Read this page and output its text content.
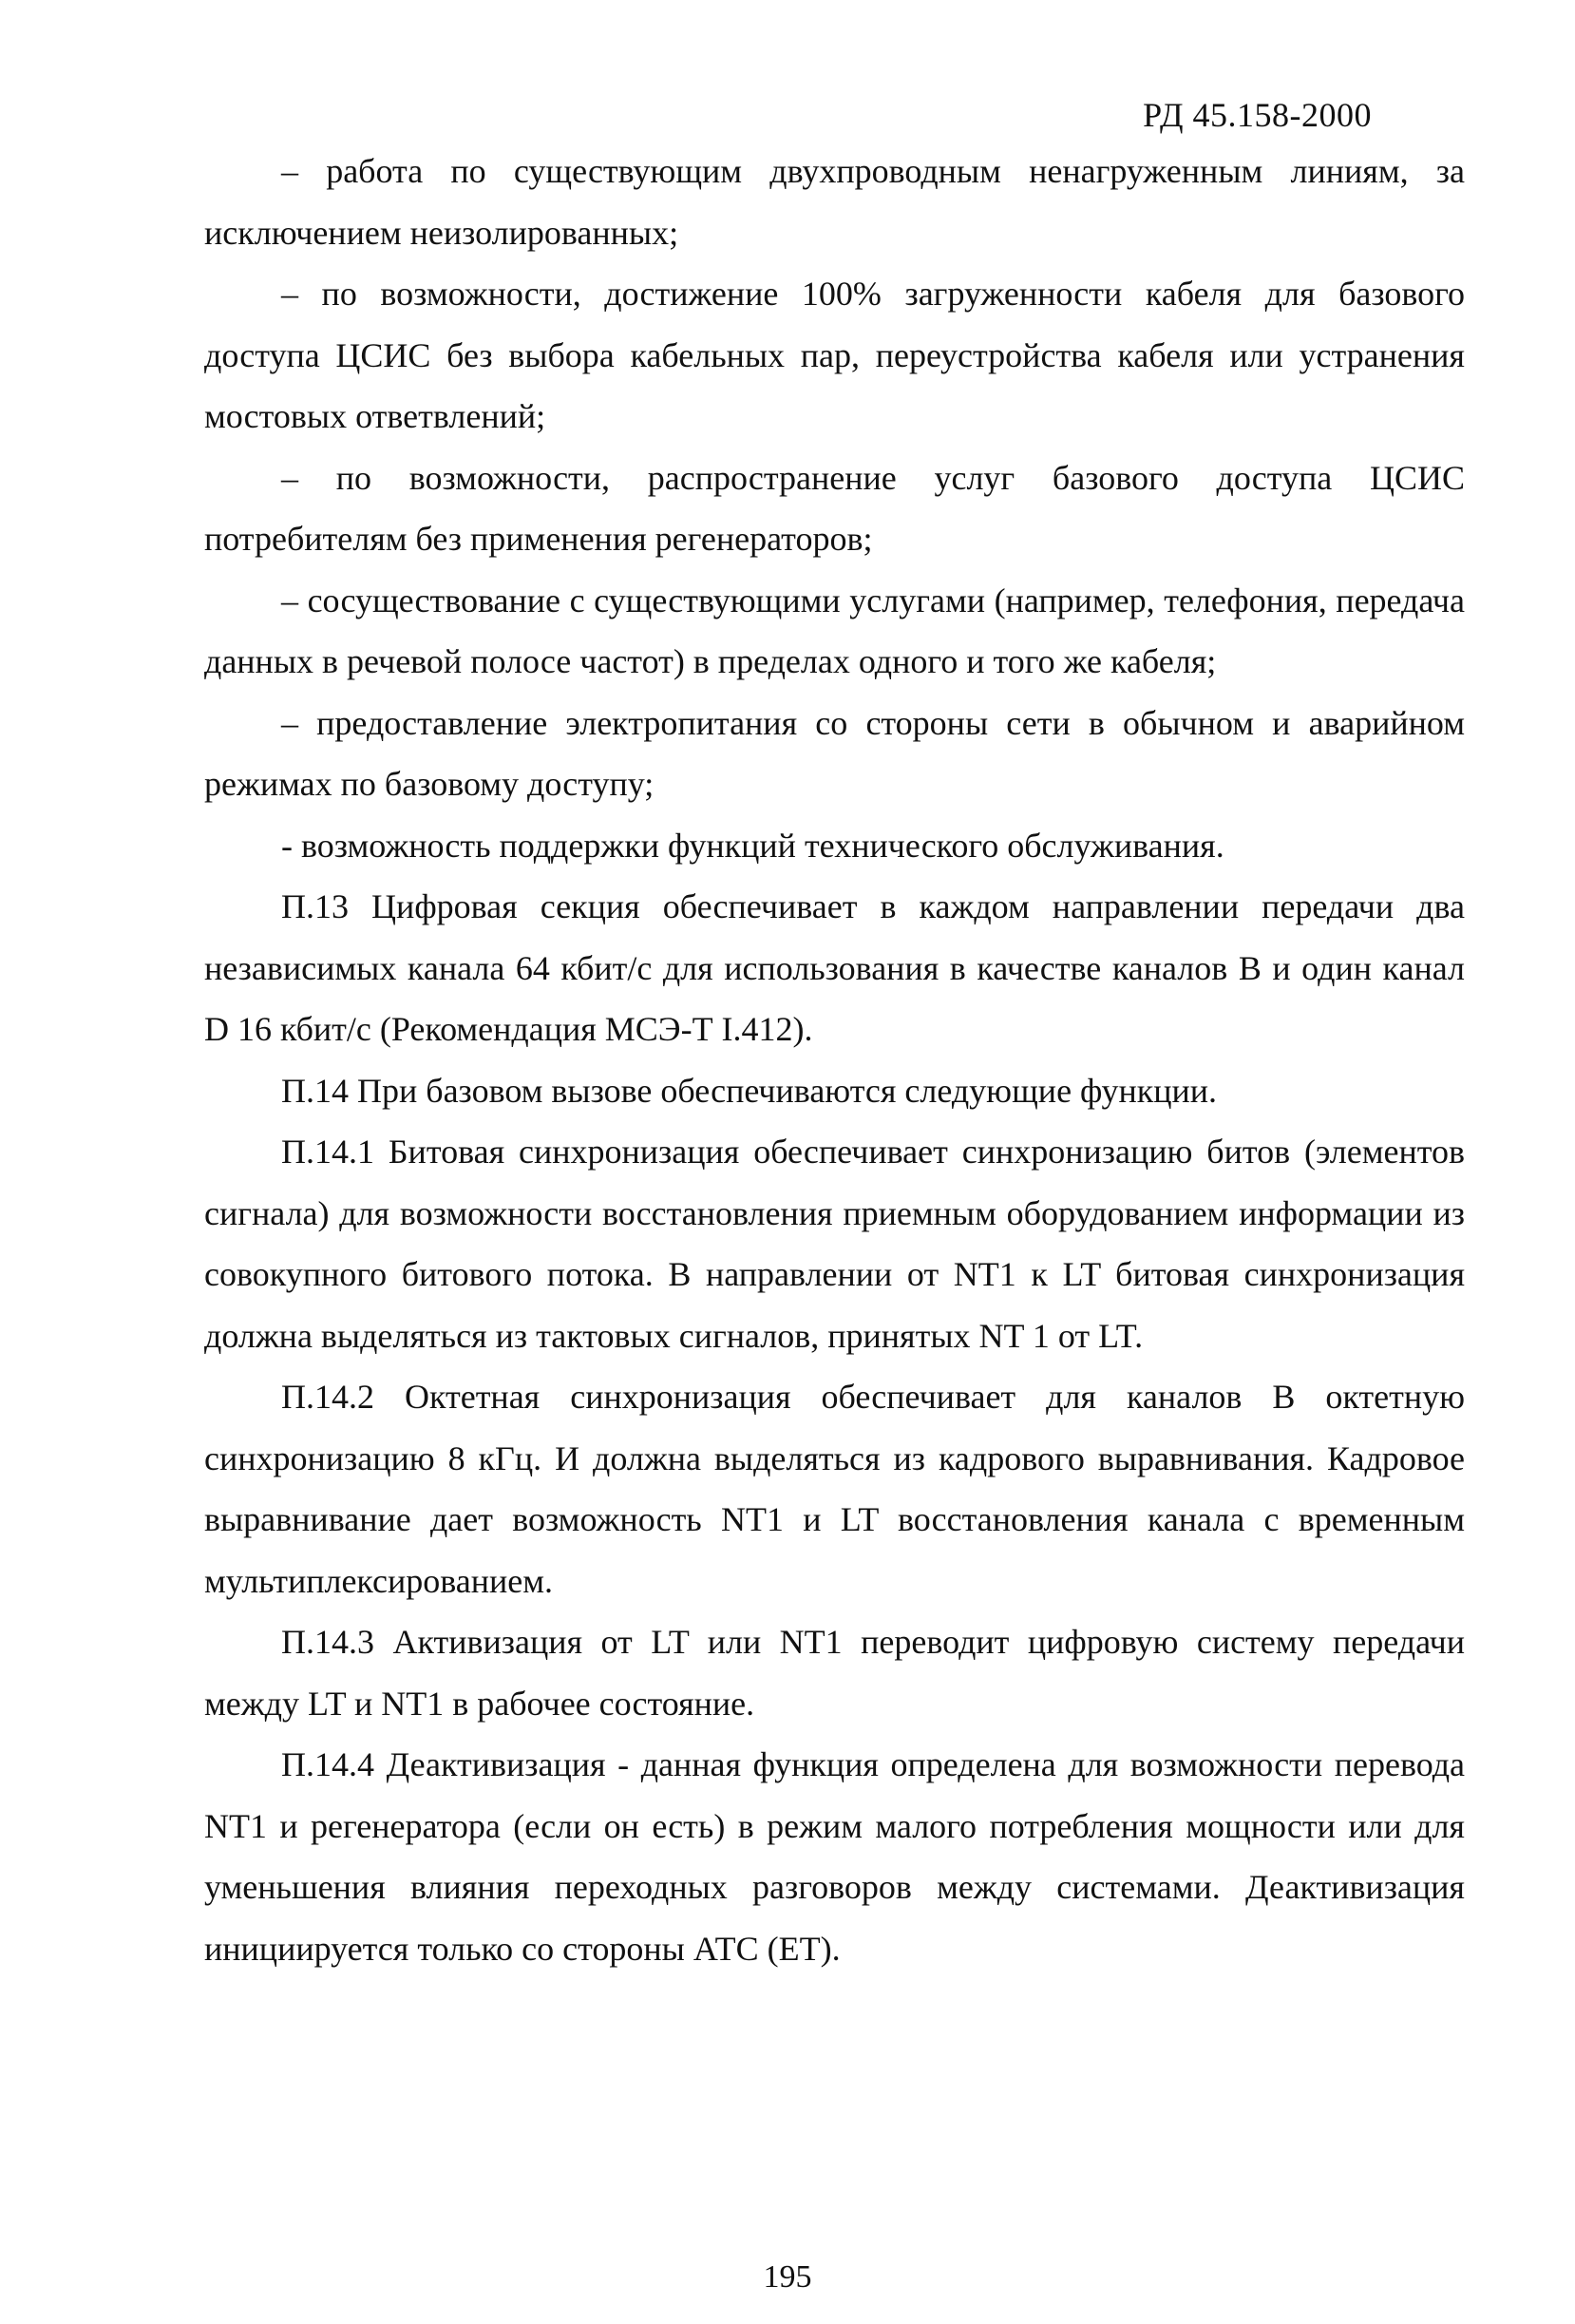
РД 45.158-2000

– работа по существующим двухпроводным ненагруженным линиям, за исключением неизолированных;

– по возможности, достижение 100% загруженности кабеля для базового доступа ЦСИС без выбора кабельных пар, переустройства кабеля или устранения мостовых ответвлений;

– по возможности, распространение услуг базового доступа ЦСИС потребителям без применения регенераторов;

– сосуществование с существующими услугами (например, телефония, передача данных в речевой полосе частот) в пределах одного и того же кабеля;

– предоставление электропитания со стороны сети в обычном и аварийном режимах по базовому доступу;

- возможность поддержки функций технического обслуживания.

П.13 Цифровая секция обеспечивает в каждом направлении передачи два независимых канала 64 кбит/с для использования в качестве каналов В и один канал D 16 кбит/с (Рекомендация МСЭ-Т I.412).

П.14 При базовом вызове обеспечиваются следующие функции.

П.14.1 Битовая синхронизация обеспечивает синхронизацию битов (элементов сигнала) для возможности восстановления приемным оборудованием информации из совокупного битового потока. В направлении от NT1 к LT битовая синхронизация должна выделяться из тактовых сигналов, принятых NT 1 от LT.

П.14.2 Октетная синхронизация обеспечивает для каналов В октетную синхронизацию 8 кГц. И должна выделяться из кадрового выравнивания. Кадровое выравнивание дает возможность NT1 и LT восстановления канала с временным мультиплексированием.

П.14.3 Активизация от LT или NT1 переводит цифровую систему передачи между LT и NT1 в рабочее состояние.

П.14.4 Деактивизация - данная функция определена для возможности перевода NT1 и регенератора (если он есть) в режим малого потребления мощности или для уменьшения влияния переходных разговоров между системами. Деактивизация инициируется только со стороны АТС (ЕТ).

195
